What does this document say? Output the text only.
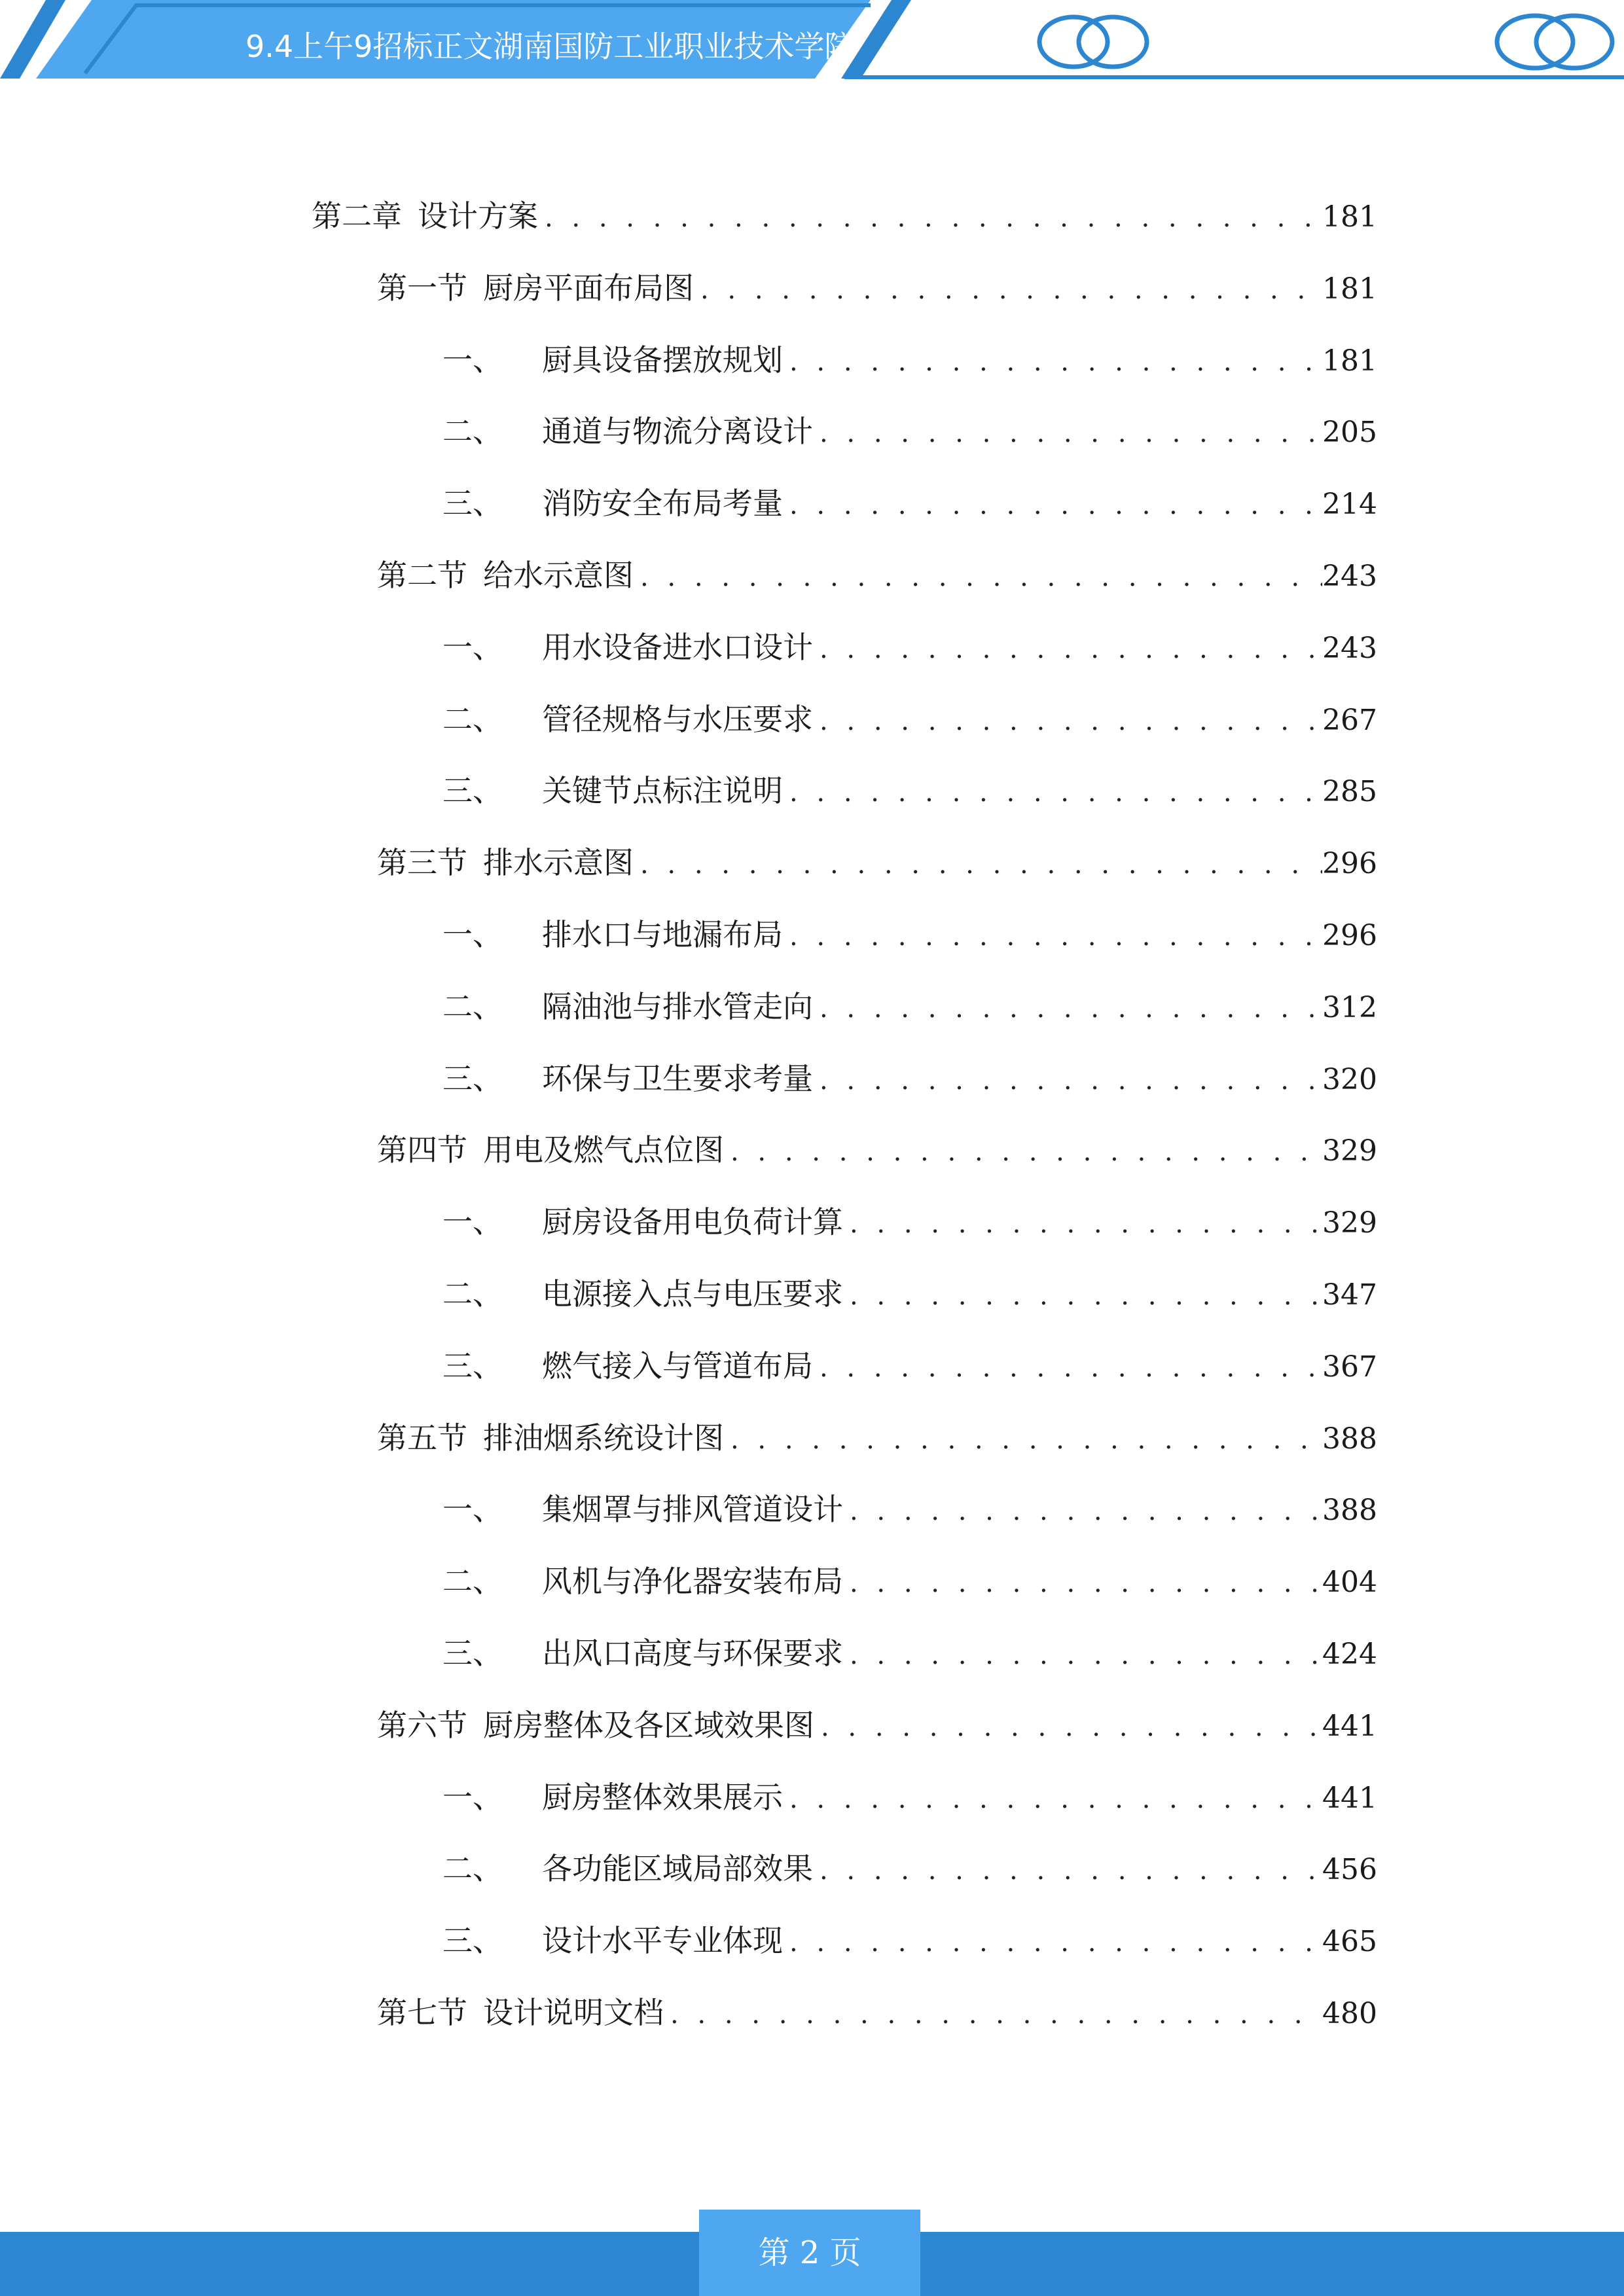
9.4上午9招标正文湖南国防工业职业技术学院
第二章 设计方案 . . .	181
第一节 厨房平面布局图 . . .	181
一、 厨具设备摆放规划 . . .	181
二、 通道与物流分离设计 . . .	205
三、 消防安全布局考量 . . .	214
第二节 给水示意图 . . .	243
一、 用水设备进水口设计 . . .	243
二、 管径规格与水压要求 . . .	267
三、 关键节点标注说明 . . .	285
第三节 排水示意图 . . .	296
一、 排水口与地漏布局 . . .	296
二、 隔油池与排水管走向 . . .	312
三、 环保与卫生要求考量 . . .	320
第四节 用电及燃气点位图 . . .	329
一、 厨房设备用电负荷计算 . . .	329
二、 电源接入点与电压要求 . . .	347
三、 燃气接入与管道布局 . . .	367
第五节 排油烟系统设计图 . . .	388
一、 集烟罩与排风管道设计 . . .	388
二、 风机与净化器安装布局 . . .	404
三、 出风口高度与环保要求 . . .	424
第六节 厨房整体及各区域效果图 . . .	441
一、 厨房整体效果展示 . . .	441
二、 各功能区域局部效果 . . .	456
三、 设计水平专业体现 . . .	465
第七节 设计说明文档 . . .	480
第 2 页
